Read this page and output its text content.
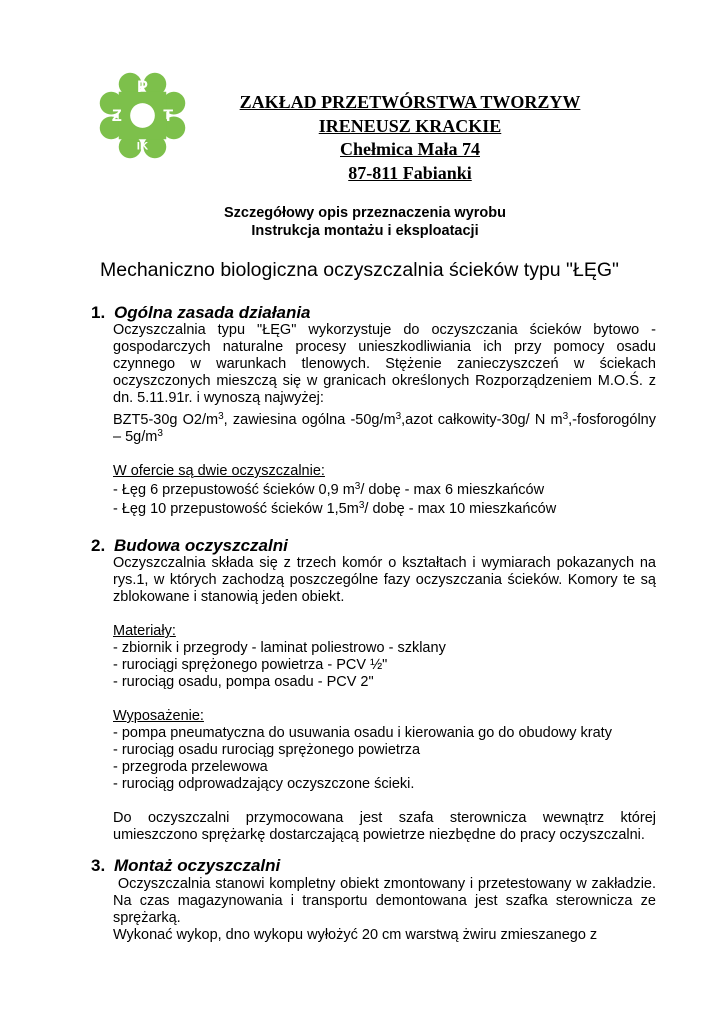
P
Z T
IK
ZAKŁAD PRZETWÓRSTWA TWORZYW
IRENEUSZ KRACKIE
Chełmica Mała 74
87-811 Fabianki
Szczegółowy opis przeznaczenia wyrobu
Instrukcja montażu i eksploatacji
Mechaniczno biologiczna oczyszczalnia ścieków typu "ŁĘG"
1. Ogólna zasada działania
Oczyszczalnia typu "ŁĘG" wykorzystuje do oczyszczania ścieków bytowo - gospodarczych naturalne procesy unieszkodliwiania ich przy pomocy osadu czynnego w warunkach tlenowych. Stężenie zanieczyszczeń w ściekach oczyszczonych mieszczą się w granicach określonych Rozporządzeniem M.O.Ś. z dn. 5.11.91r. i wynoszą najwyżej:
BZT5-30g $O2/m^3$, zawiesina ogólna $-50g/m^3,azot$ całkowity-30g/ N $m^3$,-fosforogólny – $5g/m^3$
W ofercie są dwie oczyszczalnie:
- Łęg 6 przepustowość ścieków 0,9 $m^3/$ dobę - max 6 mieszkańców
- Łęg 10 przepustowość ścieków $1,5m^3/$ dobę - max 10 mieszkańców
2. Budowa oczyszczalni
Oczyszczalnia składa się z trzech komór o kształtach i wymiarach pokazanych na rys.1, w których zachodzą poszczególne fazy oczyszczania ścieków. Komory te są zblokowane i stanowią jeden obiekt.
Materiały:
- zbiornik i przegrody - laminat poliestrowo - szklany
- rurociągi sprężonego powietrza - PCV ½"
- rurociąg osadu, pompa osadu - PCV 2"
Wyposażenie:
- pompa pneumatyczna do usuwania osadu i kierowania go do obudowy kraty
- rurociąg osadu rurociąg sprężonego powietrza
- przegroda przelewowa
- rurociąg odprowadzający oczyszczone ścieki.
Do oczyszczalni przymocowana jest szafa sterownicza wewnątrz której umieszczono sprężarkę dostarczającą powietrze niezbędne do pracy oczyszczalni.
3. Montaż oczyszczalni
Oczyszczalnia stanowi kompletny obiekt zmontowany i przetestowany w zakładzie. Na czas magazynowania i transportu demontowana jest szafka sterownicza ze sprężarką.
Wykonać wykop, dno wykopu wyłożyć 20 cm warstwą żwiru zmieszanego z
